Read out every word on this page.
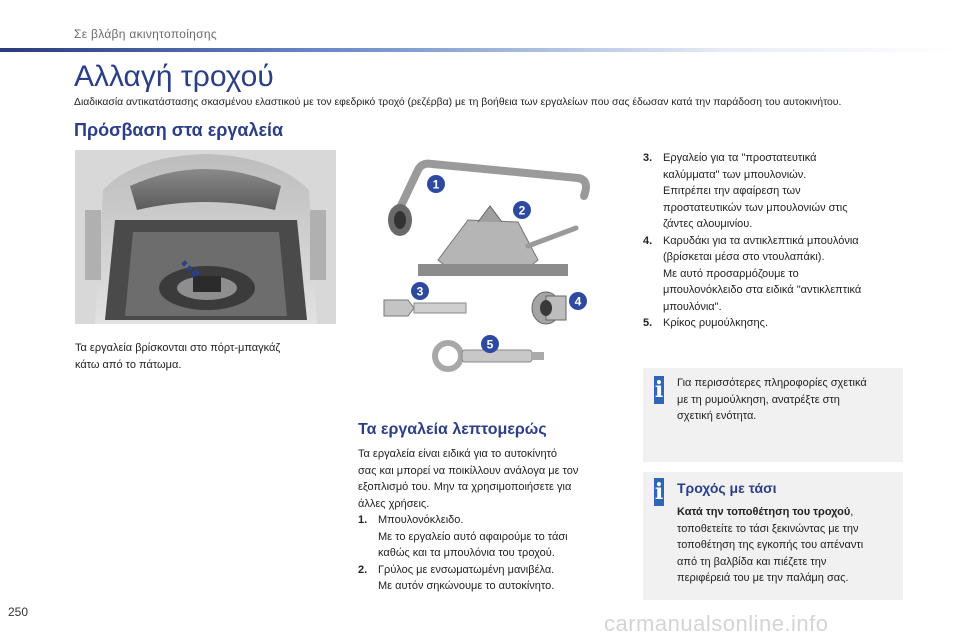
Σε βλάβη ακινητοποίησης
Αλλαγή τροχού
Διαδικασία αντικατάστασης σκασμένου ελαστικού με τον εφεδρικό τροχό (ρεζέρβα) με τη βοήθεια των εργαλείων που σας έδωσαν κατά την παράδοση του αυτοκινήτου.
Πρόσβαση στα εργαλεία
Τα εργαλεία βρίσκονται στο πόρτ-μπαγκάζ
κάτω από το πάτωμα.
1
2
3
4
5
Τα εργαλεία λεπτομερώς
Τα εργαλεία είναι ειδικά για το αυτοκίνητό
σας και μπορεί να ποικίλλουν ανάλογα με τον
εξοπλισμό του. Μην τα χρησιμοποιήσετε για
άλλες χρήσεις.
1. Μπουλονόκλειδο.
Με το εργαλείο αυτό αφαιρούμε το τάσι
καθώς και τα μπουλόνια του τροχού.
2. Γρύλος με ενσωματωμένη μανιβέλα.
Με αυτόν σηκώνουμε το αυτοκίνητο.
3. Εργαλείο για τα "προστατευτικά
καλύμματα" των μπουλονιών.
Επιτρέπει την αφαίρεση των
προστατευτικών των μπουλονιών στις
ζάντες αλουμινίου.
4. Καρυδάκι για τα αντικλεπτικά μπουλόνια
(βρίσκεται μέσα στο ντουλαπάκι).
Με αυτό προσαρμόζουμε το
μπουλονόκλειδο στα ειδικά "αντικλεπτικά
μπουλόνια".
5. Κρίκος ρυμούλκησης.
i Για περισσότερες πληροφορίες σχετικά
με τη ρυμούλκηση, ανατρέξτε στη
σχετική ενότητα.
i Τροχός με τάσι
Κατά την τοποθέτηση του τροχού,
τοποθετείτε το τάσι ξεκινώντας με την
τοποθέτηση της εγκοπής του απέναντι
από τη βαλβίδα και πιέζετε την
περιφέρειά του με την παλάμη σας.
250	carmanualsonline.info
